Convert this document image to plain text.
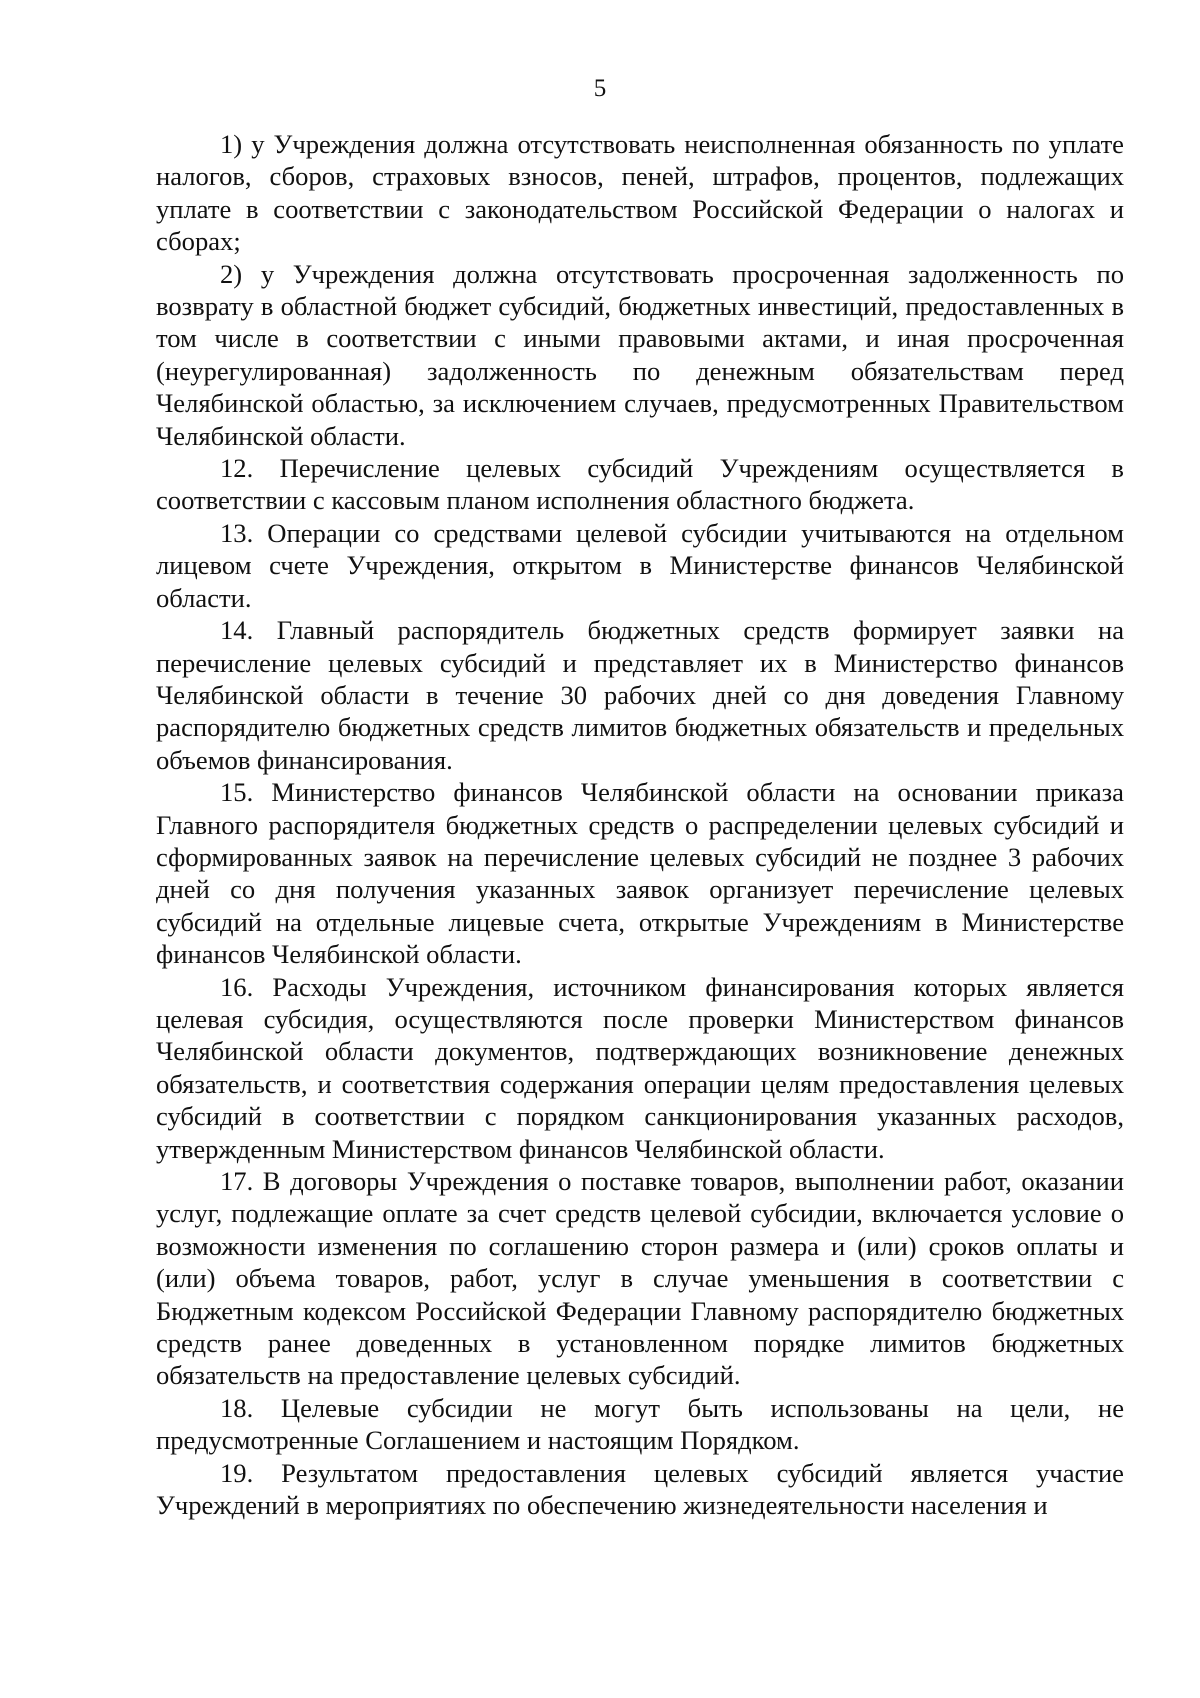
5

1) у Учреждения должна отсутствовать неисполненная обязанность по уплате налогов, сборов, страховых взносов, пеней, штрафов, процентов, подлежащих уплате в соответствии с законодательством Российской Федерации о налогах и сборах;

2) у Учреждения должна отсутствовать просроченная задолженность по возврату в областной бюджет субсидий, бюджетных инвестиций, предоставленных в том числе в соответствии с иными правовыми актами, и иная просроченная (неурегулированная) задолженность по денежным обязательствам перед Челябинской областью, за исключением случаев, предусмотренных Правительством Челябинской области.

12. Перечисление целевых субсидий Учреждениям осуществляется в соответствии с кассовым планом исполнения областного бюджета.

13. Операции со средствами целевой субсидии учитываются на отдельном лицевом счете Учреждения, открытом в Министерстве финансов Челябинской области.

14. Главный распорядитель бюджетных средств формирует заявки на перечисление целевых субсидий и представляет их в Министерство финансов Челябинской области в течение 30 рабочих дней со дня доведения Главному распорядителю бюджетных средств лимитов бюджетных обязательств и предельных объемов финансирования.

15. Министерство финансов Челябинской области на основании приказа Главного распорядителя бюджетных средств о распределении целевых субсидий и сформированных заявок на перечисление целевых субсидий не позднее 3 рабочих дней со дня получения указанных заявок организует перечисление целевых субсидий на отдельные лицевые счета, открытые Учреждениям в Министерстве финансов Челябинской области.

16. Расходы Учреждения, источником финансирования которых является целевая субсидия, осуществляются после проверки Министерством финансов Челябинской области документов, подтверждающих возникновение денежных обязательств, и соответствия содержания операции целям предоставления целевых субсидий в соответствии с порядком санкционирования указанных расходов, утвержденным Министерством финансов Челябинской области.

17. В договоры Учреждения о поставке товаров, выполнении работ, оказании услуг, подлежащие оплате за счет средств целевой субсидии, включается условие о возможности изменения по соглашению сторон размера и (или) сроков оплаты и (или) объема товаров, работ, услуг в случае уменьшения в соответствии с Бюджетным кодексом Российской Федерации Главному распорядителю бюджетных средств ранее доведенных в установленном порядке лимитов бюджетных обязательств на предоставление целевых субсидий.

18. Целевые субсидии не могут быть использованы на цели, не предусмотренные Соглашением и настоящим Порядком.

19. Результатом предоставления целевых субсидий является участие Учреждений в мероприятиях по обеспечению жизнедеятельности населения и
